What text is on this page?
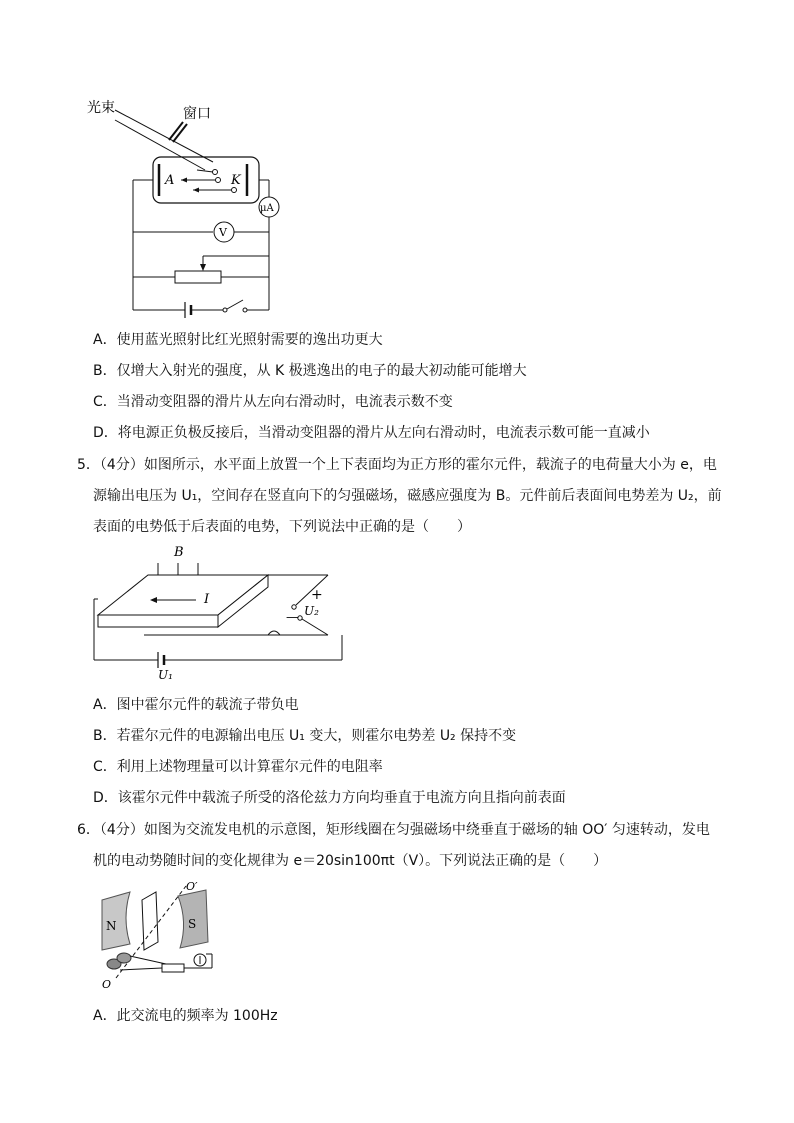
光束	窗口
A	K
μA
V
A．使用蓝光照射比红光照射需要的逸出功更大
B．仅增大入射光的强度，从 K 极逃逸出的电子的最大初动能可能增大
C．当滑动变阻器的滑片从左向右滑动时，电流表示数不变
D．将电源正负极反接后，当滑动变阻器的滑片从左向右滑动时，电流表示数可能一直减小
5．（4分）如图所示，水平面上放置一个上下表面均为正方形的霍尔元件，载流子的电荷量大小为 e，电
源输出电压为 U₁，空间存在竖直向下的匀强磁场，磁感应强度为 B。元件前后表面间电势差为 U₂，前
表面的电势低于后表面的电势，下列说法中正确的是（　　）
B
I	+
U₂
—
U₁
A．图中霍尔元件的载流子带负电
B．若霍尔元件的电源输出电压 U₁ 变大，则霍尔电势差 U₂ 保持不变
C．利用上述物理量可以计算霍尔元件的电阻率
D．该霍尔元件中载流子所受的洛伦兹力方向均垂直于电流方向且指向前表面
6．（4分）如图为交流发电机的示意图，矩形线圈在匀强磁场中绕垂直于磁场的轴 OO′ 匀速转动，发电
机的电动势随时间的变化规律为 e＝20sin100πt（V）。下列说法正确的是（　　）
N	S
O′
O
A．此交流电的频率为 100Hz
